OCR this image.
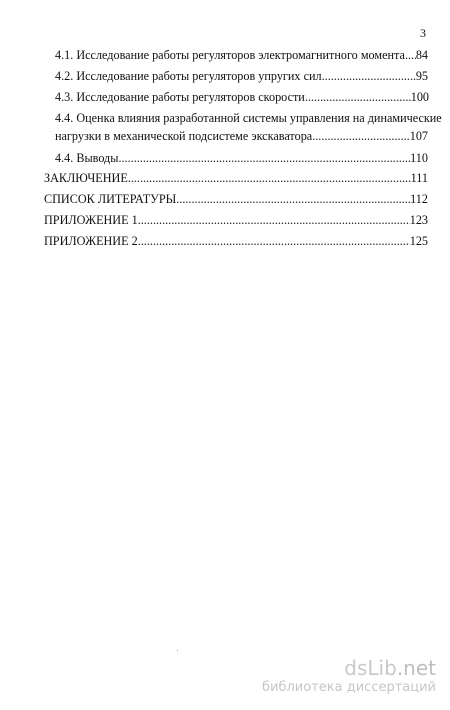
3
4.1. Исследование работы регуляторов электромагнитного момента ..... 84
4.2. Исследование работы регуляторов упругих сил .....	95
4.3. Исследование работы регуляторов скорости .....	100
4.4. Оценка влияния разработанной системы управления на динамические
нагрузки в механической подсистеме экскаватора .....	107
4.4. Выводы .....	110
ЗАКЛЮЧЕНИЕ .....	111
СПИСОК ЛИТЕРАТУРЫ .....	112
ПРИЛОЖЕНИЕ 1 .....	123
ПРИЛОЖЕНИЕ 2 .....	125
dsLib.net
библиотека диссертаций
